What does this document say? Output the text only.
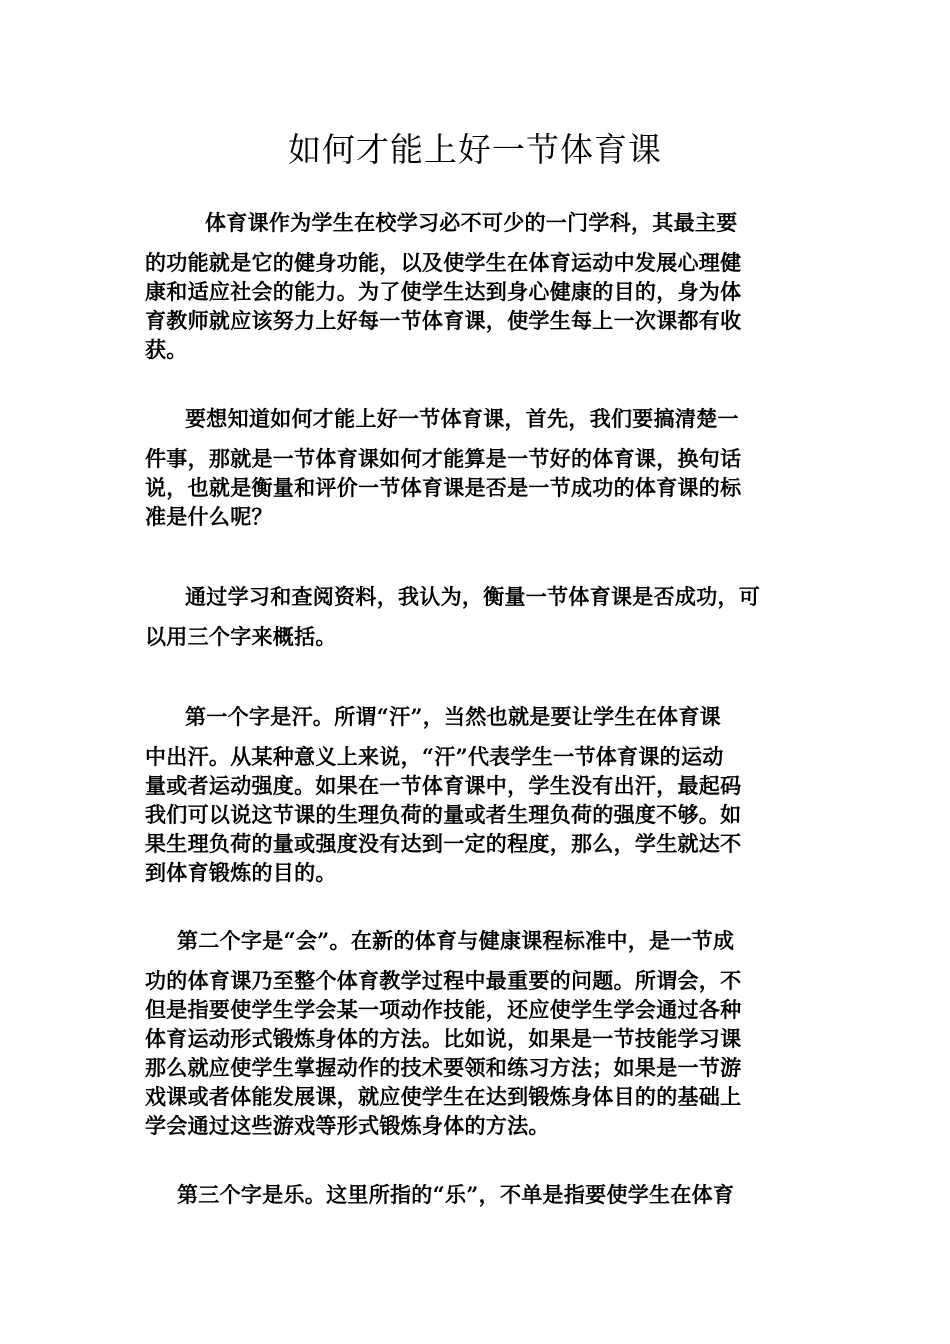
如何才能上好一节体育课
体育课作为学生在校学习必不可少的一门学科，其最主要
的功能就是它的健身功能，以及使学生在体育运动中发展心理健
康和适应社会的能力。为了使学生达到身心健康的目的，身为体
育教师就应该努力上好每一节体育课，使学生每上一次课都有收
获。
要想知道如何才能上好一节体育课，首先，我们要搞清楚一
件事，那就是一节体育课如何才能算是一节好的体育课，换句话
说，也就是衡量和评价一节体育课是否是一节成功的体育课的标
准是什么呢？
通过学习和查阅资料，我认为，衡量一节体育课是否成功，可
以用三个字来概括。
第一个字是汗。所谓“汗”，当然也就是要让学生在体育课
中出汗。从某种意义上来说，“汗”代表学生一节体育课的运动
量或者运动强度。如果在一节体育课中，学生没有出汗，最起码
我们可以说这节课的生理负荷的量或者生理负荷的强度不够。如
果生理负荷的量或强度没有达到一定的程度，那么，学生就达不
到体育锻炼的目的。
第二个字是“会”。在新的体育与健康课程标准中，是一节成
功的体育课乃至整个体育教学过程中最重要的问题。所谓会，不
但是指要使学生学会某一项动作技能，还应使学生学会通过各种
体育运动形式锻炼身体的方法。比如说，如果是一节技能学习课
那么就应使学生掌握动作的技术要领和练习方法；如果是一节游
戏课或者体能发展课，就应使学生在达到锻炼身体目的的基础上
学会通过这些游戏等形式锻炼身体的方法。
第三个字是乐。这里所指的“乐”，不单是指要使学生在体育
